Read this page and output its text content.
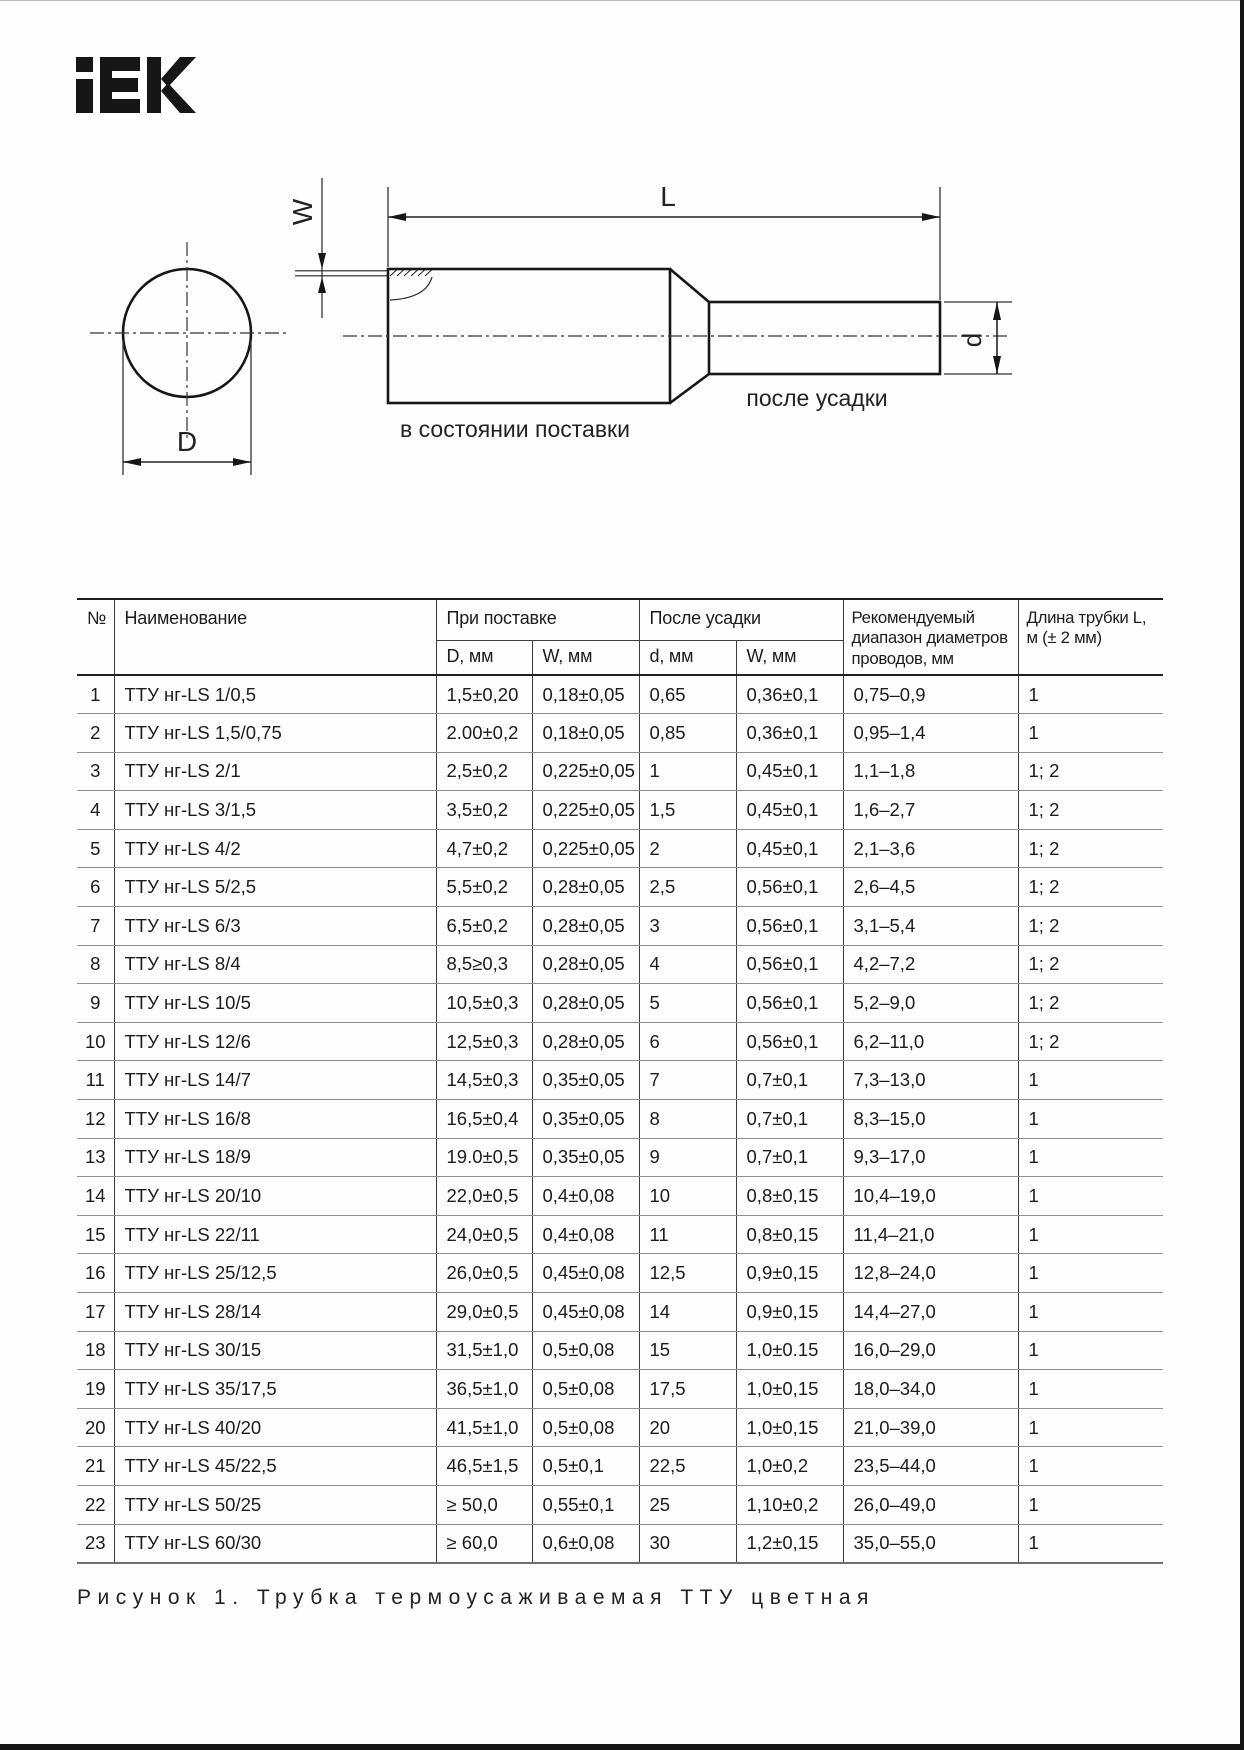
D
W	L
d
в состоянии поставки
после усадки
№	Наименование	При поставке		После усадки		Рекомендуемый диапазон диаметров проводов, мм	Длина трубки L, м (± 2 мм)
		D, мм	W, мм	d, мм	W, мм		
1	ТТУ нг-LS 1/0,5	1,5±0,20	0,18±0,05	0,65	0,36±0,1	0,75–0,9	1
2	ТТУ нг-LS 1,5/0,75	2.00±0,2	0,18±0,05	0,85	0,36±0,1	0,95–1,4	1
3	ТТУ нг-LS 2/1	2,5±0,2	0,225±0,05	1	0,45±0,1	1,1–1,8	1; 2
4	ТТУ нг-LS 3/1,5	3,5±0,2	0,225±0,05	1,5	0,45±0,1	1,6–2,7	1; 2
5	ТТУ нг-LS 4/2	4,7±0,2	0,225±0,05	2	0,45±0,1	2,1–3,6	1; 2
6	ТТУ нг-LS 5/2,5	5,5±0,2	0,28±0,05	2,5	0,56±0,1	2,6–4,5	1; 2
7	ТТУ нг-LS 6/3	6,5±0,2	0,28±0,05	3	0,56±0,1	3,1–5,4	1; 2
8	ТТУ нг-LS 8/4	8,5≥0,3	0,28±0,05	4	0,56±0,1	4,2–7,2	1; 2
9	ТТУ нг-LS 10/5	10,5±0,3	0,28±0,05	5	0,56±0,1	5,2–9,0	1; 2
10	ТТУ нг-LS 12/6	12,5±0,3	0,28±0,05	6	0,56±0,1	6,2–11,0	1; 2
11	ТТУ нг-LS 14/7	14,5±0,3	0,35±0,05	7	0,7±0,1	7,3–13,0	1
12	ТТУ нг-LS 16/8	16,5±0,4	0,35±0,05	8	0,7±0,1	8,3–15,0	1
13	ТТУ нг-LS 18/9	19.0±0,5	0,35±0,05	9	0,7±0,1	9,3–17,0	1
14	ТТУ нг-LS 20/10	22,0±0,5	0,4±0,08	10	0,8±0,15	10,4–19,0	1
15	ТТУ нг-LS 22/11	24,0±0,5	0,4±0,08	11	0,8±0,15	11,4–21,0	1
16	ТТУ нг-LS 25/12,5	26,0±0,5	0,45±0,08	12,5	0,9±0,15	12,8–24,0	1
17	ТТУ нг-LS 28/14	29,0±0,5	0,45±0,08	14	0,9±0,15	14,4–27,0	1
18	ТТУ нг-LS 30/15	31,5±1,0	0,5±0,08	15	1,0±0.15	16,0–29,0	1
19	ТТУ нг-LS 35/17,5	36,5±1,0	0,5±0,08	17,5	1,0±0,15	18,0–34,0	1
20	ТТУ нг-LS 40/20	41,5±1,0	0,5±0,08	20	1,0±0,15	21,0–39,0	1
21	ТТУ нг-LS 45/22,5	46,5±1,5	0,5±0,1	22,5	1,0±0,2	23,5–44,0	1
22	ТТУ нг-LS 50/25	≥ 50,0	0,55±0,1	25	1,10±0,2	26,0–49,0	1
23	ТТУ нг-LS 60/30	≥ 60,0	0,6±0,08	30	1,2±0,15	35,0–55,0	1
Рисунок 1. Трубка термоусаживаемая ТТУ цветная
